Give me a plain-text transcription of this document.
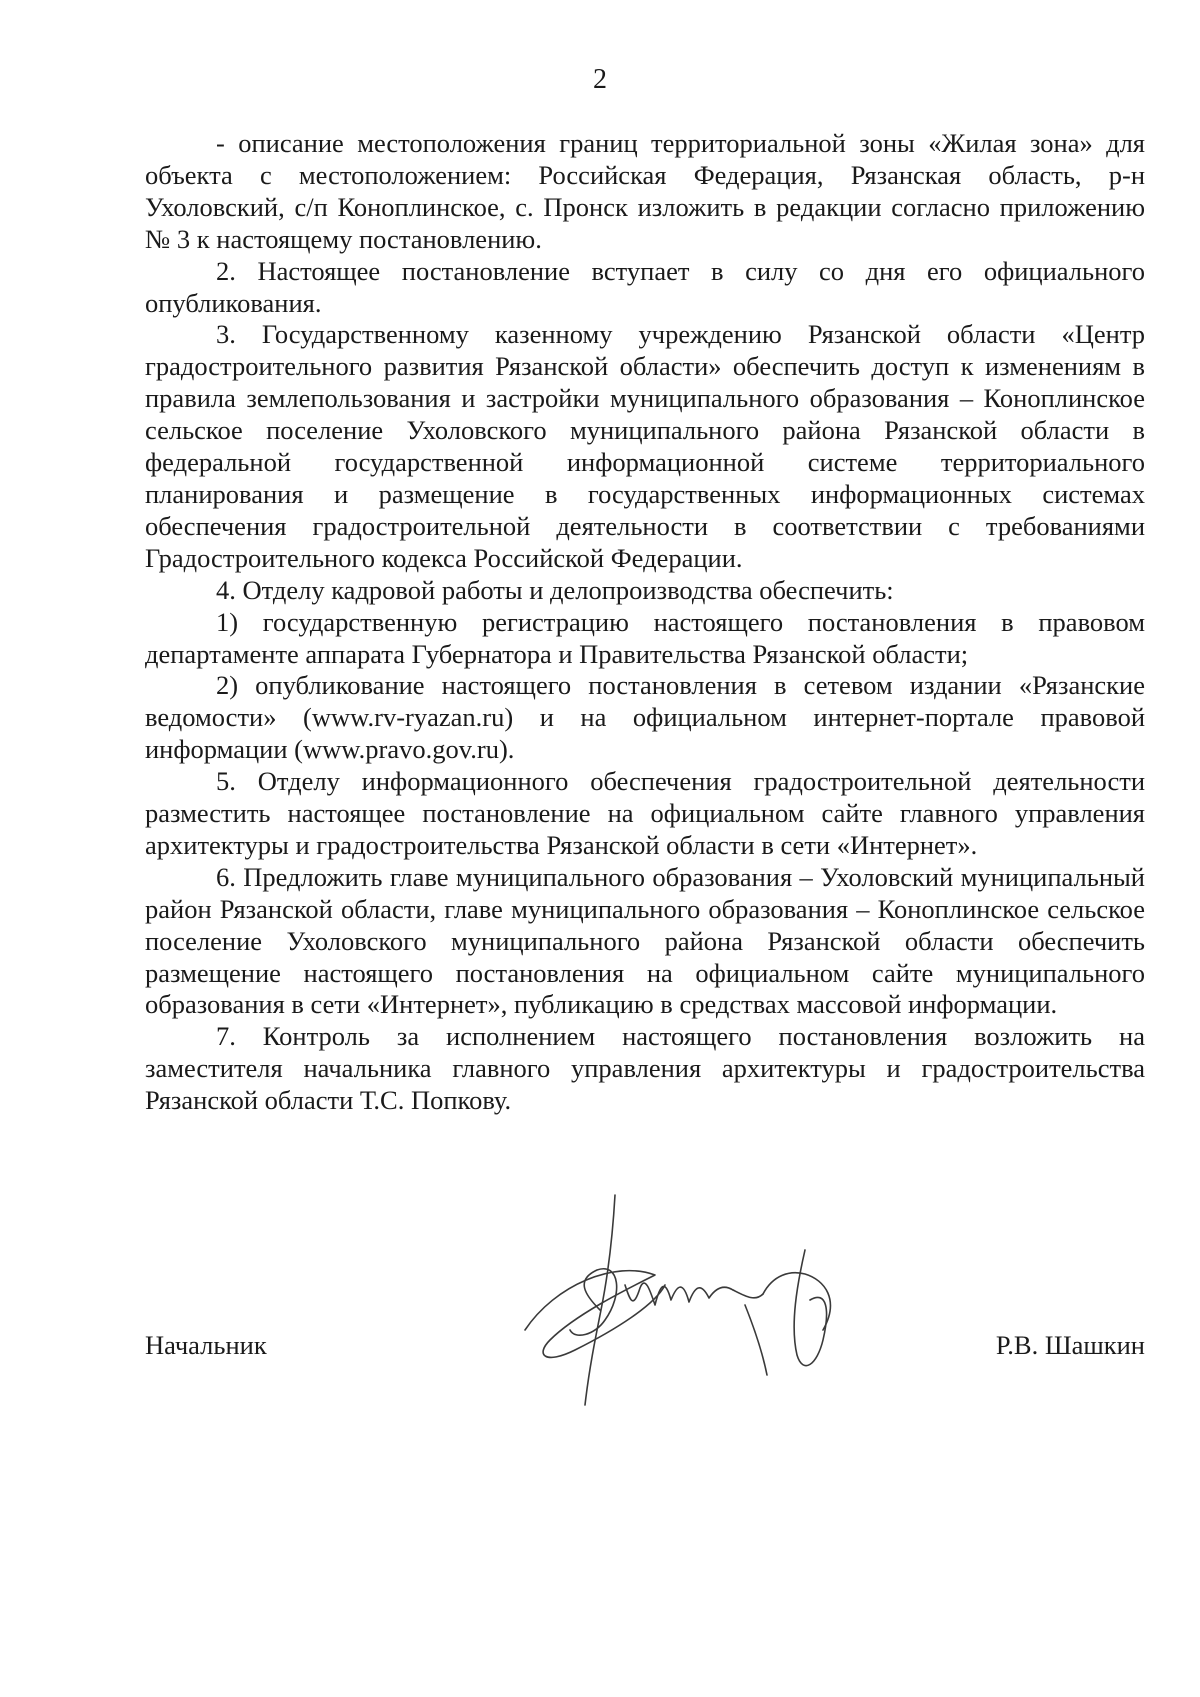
2

- описание местоположения границ территориальной зоны «Жилая зона» для объекта с местоположением: Российская Федерация, Рязанская область, р-н Ухоловский, с/п Коноплинское, с. Пронск изложить в редакции согласно приложению № 3 к настоящему постановлению.

2. Настоящее постановление вступает в силу со дня его официального опубликования.

3. Государственному казенному учреждению Рязанской области «Центр градостроительного развития Рязанской области» обеспечить доступ к изменениям в правила землепользования и застройки муниципального образования – Коноплинское сельское поселение Ухоловского муниципального района Рязанской области в федеральной государственной информационной системе территориального планирования и размещение в государственных информационных системах обеспечения градостроительной деятельности в соответствии с требованиями Градостроительного кодекса Российской Федерации.

4. Отделу кадровой работы и делопроизводства обеспечить:

1) государственную регистрацию настоящего постановления в правовом департаменте аппарата Губернатора и Правительства Рязанской области;

2) опубликование настоящего постановления в сетевом издании «Рязанские ведомости» (www.rv-ryazan.ru) и на официальном интернет-портале правовой информации (www.pravo.gov.ru).

5. Отделу информационного обеспечения градостроительной деятельности разместить настоящее постановление на официальном сайте главного управления архитектуры и градостроительства Рязанской области в сети «Интернет».

6. Предложить главе муниципального образования – Ухоловский муниципальный район Рязанской области, главе муниципального образования – Коноплинское сельское поселение Ухоловского муниципального района Рязанской области обеспечить размещение настоящего постановления на официальном сайте муниципального образования в сети «Интернет», публикацию в средствах массовой информации.

7. Контроль за исполнением настоящего постановления возложить на заместителя начальника главного управления архитектуры и градостроительства Рязанской области Т.С. Попкову.

Начальник	Р.В. Шашкин
